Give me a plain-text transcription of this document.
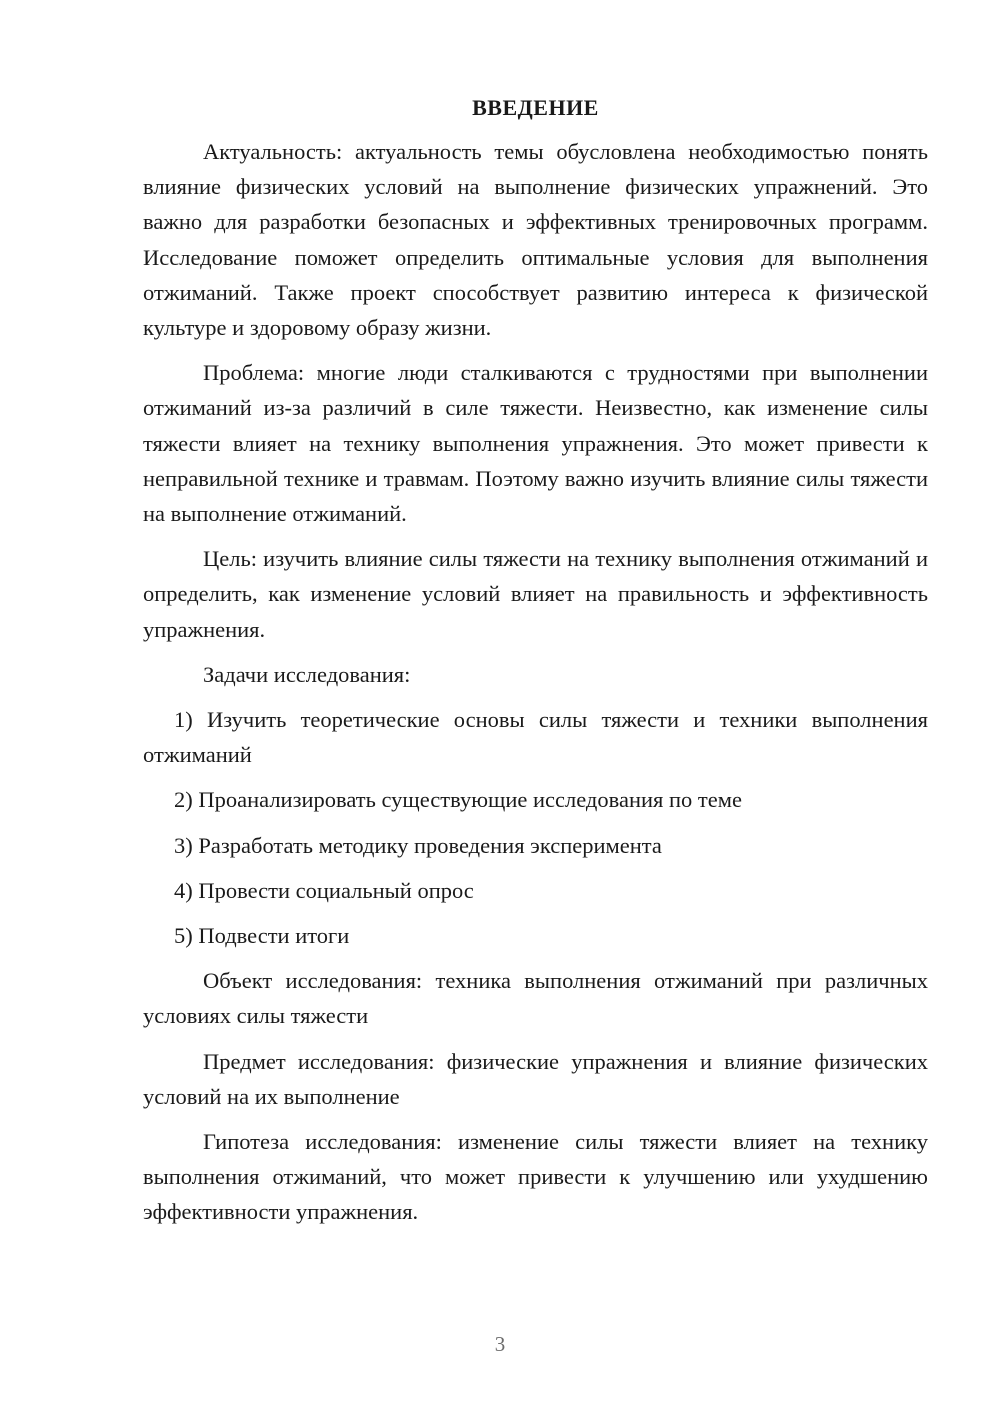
ВВЕДЕНИЕ

Актуальность: актуальность темы обусловлена необходимостью понять влияние физических условий на выполнение физических упражнений. Это важно для разработки безопасных и эффективных тренировочных программ. Исследование поможет определить оптимальные условия для выполнения отжиманий. Также проект способствует развитию интереса к физической культуре и здоровому образу жизни.

Проблема: многие люди сталкиваются с трудностями при выполнении отжиманий из-за различий в силе тяжести. Неизвестно, как изменение силы тяжести влияет на технику выполнения упражнения. Это может привести к неправильной технике и травмам. Поэтому важно изучить влияние силы тяжести на выполнение отжиманий.

Цель: изучить влияние силы тяжести на технику выполнения отжиманий и определить, как изменение условий влияет на правильность и эффективность упражнения.

Задачи исследования:

1) Изучить теоретические основы силы тяжести и техники выполнения отжиманий

2) Проанализировать существующие исследования по теме

3) Разработать методику проведения эксперимента

4) Провести социальный опрос

5) Подвести итоги

Объект исследования: техника выполнения отжиманий при различных условиях силы тяжести

Предмет исследования: физические упражнения и влияние физических условий на их выполнение

Гипотеза исследования: изменение силы тяжести влияет на технику выполнения отжиманий, что может привести к улучшению или ухудшению эффективности упражнения.

3
